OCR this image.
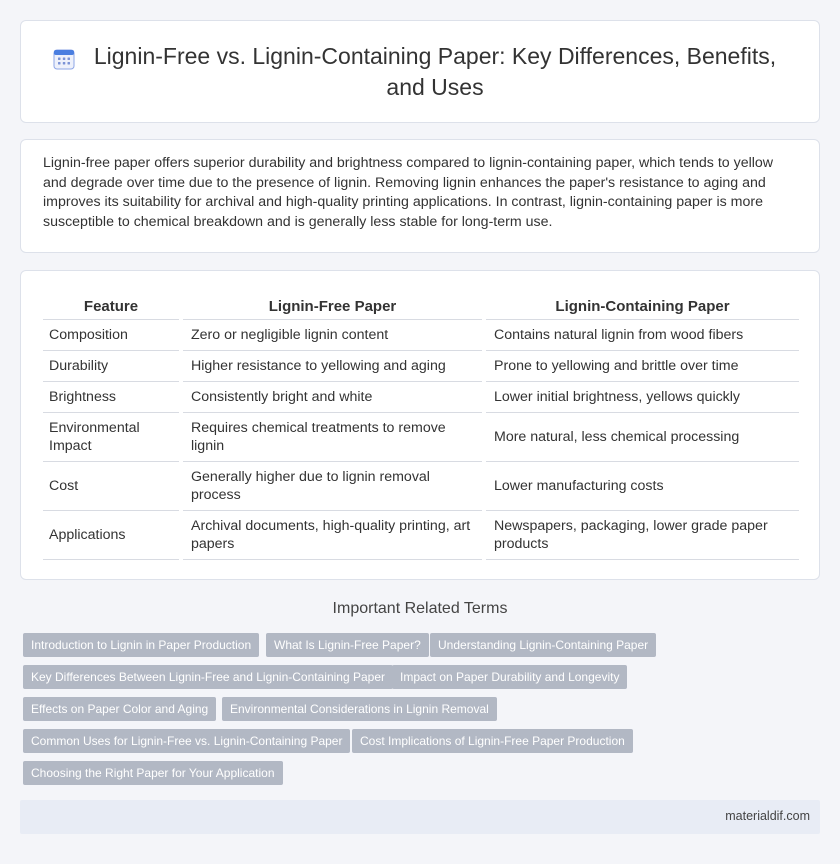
Lignin-Free vs. Lignin-Containing Paper: Key Differences, Benefits, and Uses

Lignin-free paper offers superior durability and brightness compared to lignin-containing paper, which tends to yellow and degrade over time due to the presence of lignin. Removing lignin enhances the paper's resistance to aging and improves its suitability for archival and high-quality printing applications. In contrast, lignin-containing paper is more susceptible to chemical breakdown and is generally less stable for long-term use.

Feature	Lignin-Free Paper	Lignin-Containing Paper
Composition	Zero or negligible lignin content	Contains natural lignin from wood fibers
Durability	Higher resistance to yellowing and aging	Prone to yellowing and brittle over time
Brightness	Consistently bright and white	Lower initial brightness, yellows quickly
Environmental Impact	Requires chemical treatments to remove lignin	More natural, less chemical processing
Cost	Generally higher due to lignin removal process	Lower manufacturing costs
Applications	Archival documents, high-quality printing, art papers	Newspapers, packaging, lower grade paper products
Important Related Terms
Introduction to Lignin in Paper Production	What Is Lignin-Free Paper?	Understanding Lignin-Containing Paper
Key Differences Between Lignin-Free and Lignin-Containing Paper	Impact on Paper Durability and Longevity
Effects on Paper Color and Aging	Environmental Considerations in Lignin Removal
Common Uses for Lignin-Free vs. Lignin-Containing Paper	Cost Implications of Lignin-Free Paper Production
Choosing the Right Paper for Your Application
materialdif.com
